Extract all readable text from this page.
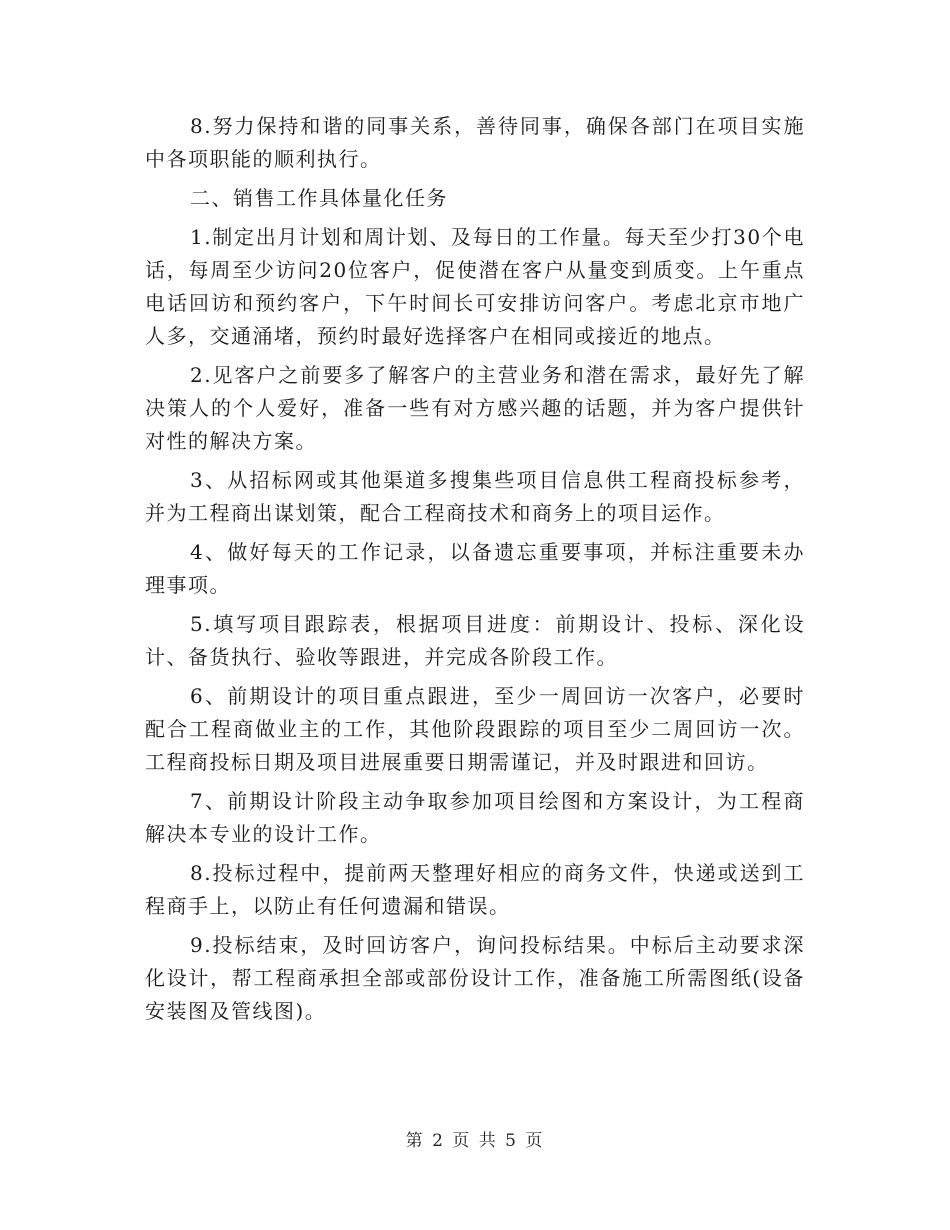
8.努力保持和谐的同事关系，善待同事，确保各部门在项目实施中各项职能的顺利执行。

二、销售工作具体量化任务

1.制定出月计划和周计划、及每日的工作量。每天至少打30个电话，每周至少访问20位客户，促使潜在客户从量变到质变。上午重点电话回访和预约客户，下午时间长可安排访问客户。考虑北京市地广人多，交通涌堵，预约时最好选择客户在相同或接近的地点。

2.见客户之前要多了解客户的主营业务和潜在需求，最好先了解决策人的个人爱好，准备一些有对方感兴趣的话题，并为客户提供针对性的解决方案。

3、从招标网或其他渠道多搜集些项目信息供工程商投标参考，并为工程商出谋划策，配合工程商技术和商务上的项目运作。

4、做好每天的工作记录，以备遗忘重要事项，并标注重要未办理事项。

5.填写项目跟踪表，根据项目进度：前期设计、投标、深化设计、备货执行、验收等跟进，并完成各阶段工作。

6、前期设计的项目重点跟进，至少一周回访一次客户，必要时配合工程商做业主的工作，其他阶段跟踪的项目至少二周回访一次。工程商投标日期及项目进展重要日期需谨记，并及时跟进和回访。

7、前期设计阶段主动争取参加项目绘图和方案设计，为工程商解决本专业的设计工作。

8.投标过程中，提前两天整理好相应的商务文件，快递或送到工程商手上，以防止有任何遗漏和错误。

9.投标结束，及时回访客户，询问投标结果。中标后主动要求深化设计，帮工程商承担全部或部份设计工作，准备施工所需图纸(设备安装图及管线图)。

第 2 页 共 5 页
